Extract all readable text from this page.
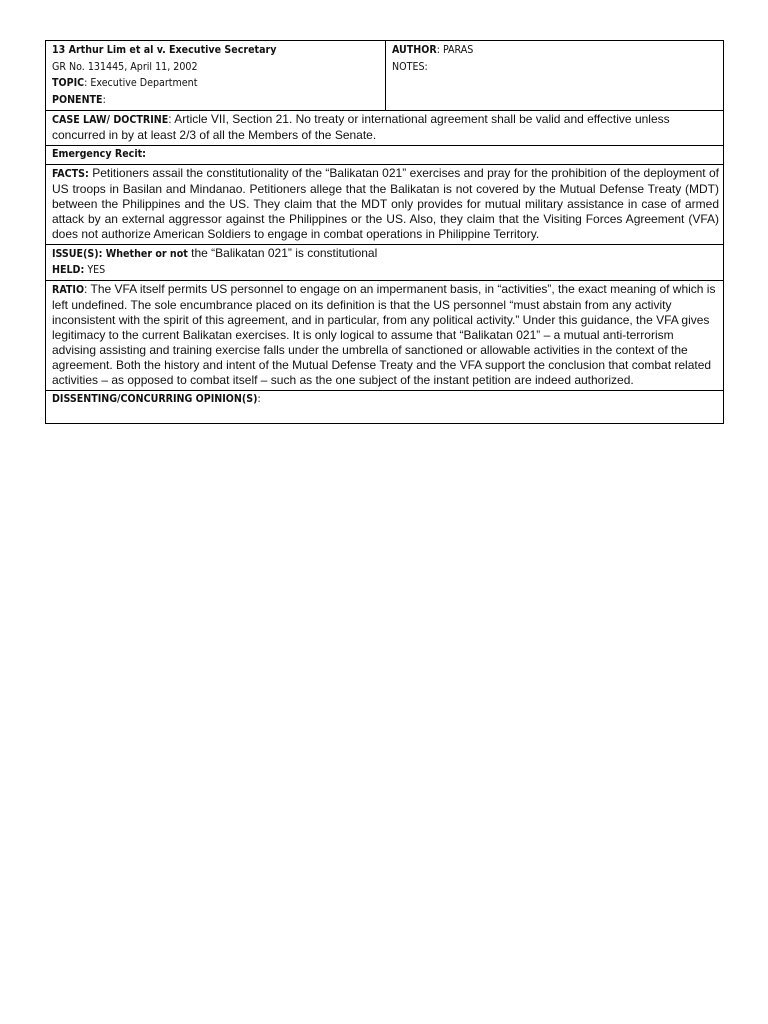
13 Arthur Lim et al v. Executive Secretary
GR No. 131445, April 11, 2002
TOPIC: Executive Department
PONENTE:

AUTHOR: PARAS
NOTES:

CASE LAW/ DOCTRINE: Article VII, Section 21. No treaty or international agreement shall be valid and effective unless concurred in by at least 2/3 of all the Members of the Senate.
Emergency Recit:
FACTS: Petitioners assail the constitutionality of the “Balikatan 021” exercises and pray for the prohibition of the deployment of US troops in Basilan and Mindanao. Petitioners allege that the Balikatan is not covered by the Mutual Defense Treaty (MDT) between the Philippines and the US. They claim that the MDT only provides for mutual military assistance in case of armed attack by an external aggressor against the Philippines or the US. Also, they claim that the Visiting Forces Agreement (VFA) does not authorize American Soldiers to engage in combat operations in Philippine Territory.

ISSUE(S): Whether or not the “Balikatan 021” is constitutional
HELD: YES

RATIO: The VFA itself permits US personnel to engage on an impermanent basis, in “activities”, the exact meaning of which is left undefined. The sole encumbrance placed on its definition is that the US personnel “must abstain from any activity inconsistent with the spirit of this agreement, and in particular, from any political activity.” Under this guidance, the VFA gives legitimacy to the current Balikatan exercises. It is only logical to assume that “Balikatan 021” – a mutual anti-terrorism advising assisting and training exercise falls under the umbrella of sanctioned or allowable activities in the context of the agreement. Both the history and intent of the Mutual Defense Treaty and the VFA support the conclusion that combat related activities – as opposed to combat itself – such as the one subject of the instant petition are indeed authorized.
DISSENTING/CONCURRING OPINION(S):
